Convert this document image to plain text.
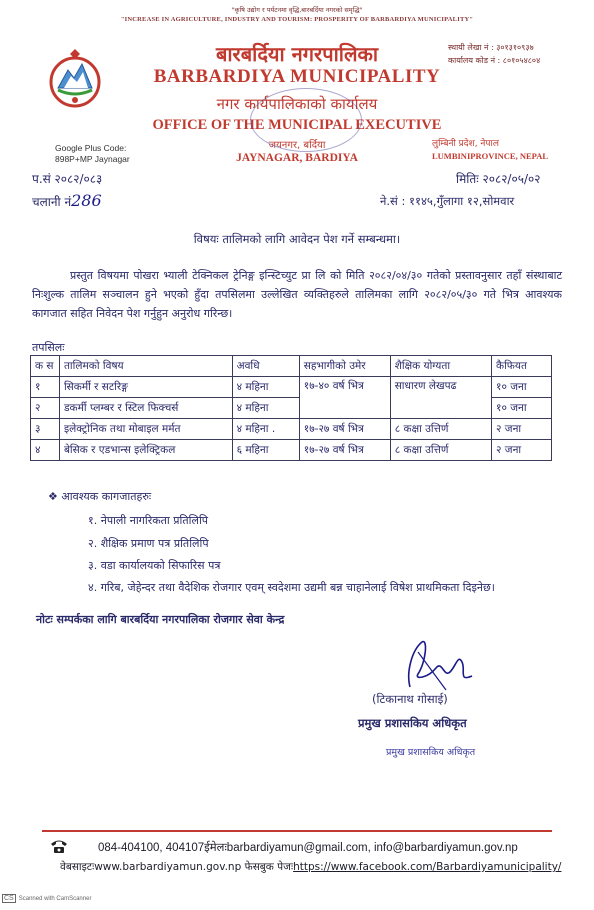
"कृषि उद्योग र पर्यटनमा वृद्धि,बारबर्दिया नगरको समृद्धि"
"INCREASE IN AGRICULTURE, INDUSTRY AND TOURISM: PROSPERITY OF BARBARDIYA MUNICIPALITY"
बारबर्दिया नगरपालिका
BARBARDIYA MUNICIPALITY
नगर कार्यपालिकाको कार्यालय
OFFICE OF THE MUNICIPAL EXECUTIVE
जयनगर, बर्दिया
JAYNAGAR, BARDIYA
स्थायी लेखा नं : ३०१३१०९३७
कार्यालय कोड नं : ८०१०५४८०४
Google Plus Code:
898P+MP Jaynagar
लुम्बिनी प्रदेश, नेपाल
LUMBINIPROVINCE, NEPAL
प.सं २०८२/०८३
चलानी नं286
मितिः २०८२/०५/०२
ने.सं : ११४५,गुँलागा १२,सोमवार
विषयः तालिमको लागि आवेदन पेश गर्ने सम्बन्धमा।
प्रस्तुत विषयमा पोखरा भ्याली टेक्निकल ट्रेनिङ्ग इन्स्टिच्युट प्रा लि को मिति २०८२/०४/३० गतेको प्रस्तावनुसार तहाँ संस्थाबाट निःशुल्क तालिम सञ्चालन हुने भएको हुँदा तपसिलमा उल्लेखित व्यक्तिहरुले तालिमका लागि २०८२/०५/३० गते भित्र आवश्यक कागजात सहित निवेदन पेश गर्नुहुन अनुरोध गरिन्छ।
तपसिलः
क स	तालिमको विषय	अवधि	सहभागीको उमेर	शैक्षिक योग्यता	कैफियत
१	सिकर्मी र सटरिङ्ग	४ महिना	१७-४० वर्ष भित्र	साधारण लेखपढ	१० जना
२	डकर्मी प्लम्बर र स्टिल फिक्चर्स	४ महिना			१० जना
३	इलेक्ट्रोनिक तथा मोबाइल मर्मत	४ महिना .	१७-२७ वर्ष भित्र	८ कक्षा उत्तिर्ण	२ जना
४	बेसिक र एडभान्स इलेक्ट्रिकल	६ महिना	१७-२७ वर्ष भित्र	८ कक्षा उत्तिर्ण	२ जना
❖ आवश्यक कागजातहरुः
१. नेपाली नागरिकता प्रतिलिपि
२. शैक्षिक प्रमाण पत्र प्रतिलिपि
३. वडा कार्यालयको सिफारिस पत्र
४. गरिब, जेहेन्दर तथा वैदेशिक रोजगार एवम् स्वदेशमा उद्यमी बन्न चाहानेलाई विषेश प्राथमिकता दिइनेछ।
नोटः सम्पर्कका लागि बारबर्दिया नगरपालिका रोजगार सेवा केन्द्र
(टिकानाथ गोसाई)
प्रमुख प्रशासकिय अधिकृत
प्रमुख प्रशासकिय अधिकृत
084-404100, 404107ईमेलःbarbardiyamun@gmail.com, info@barbardiyamun.gov.np
वेबसाइटःwww.barbardiyamun.gov.np फेसबुक पेजःhttps://www.facebook.com/Barbardiyamunicipality/
CS Scanned with CamScanner
